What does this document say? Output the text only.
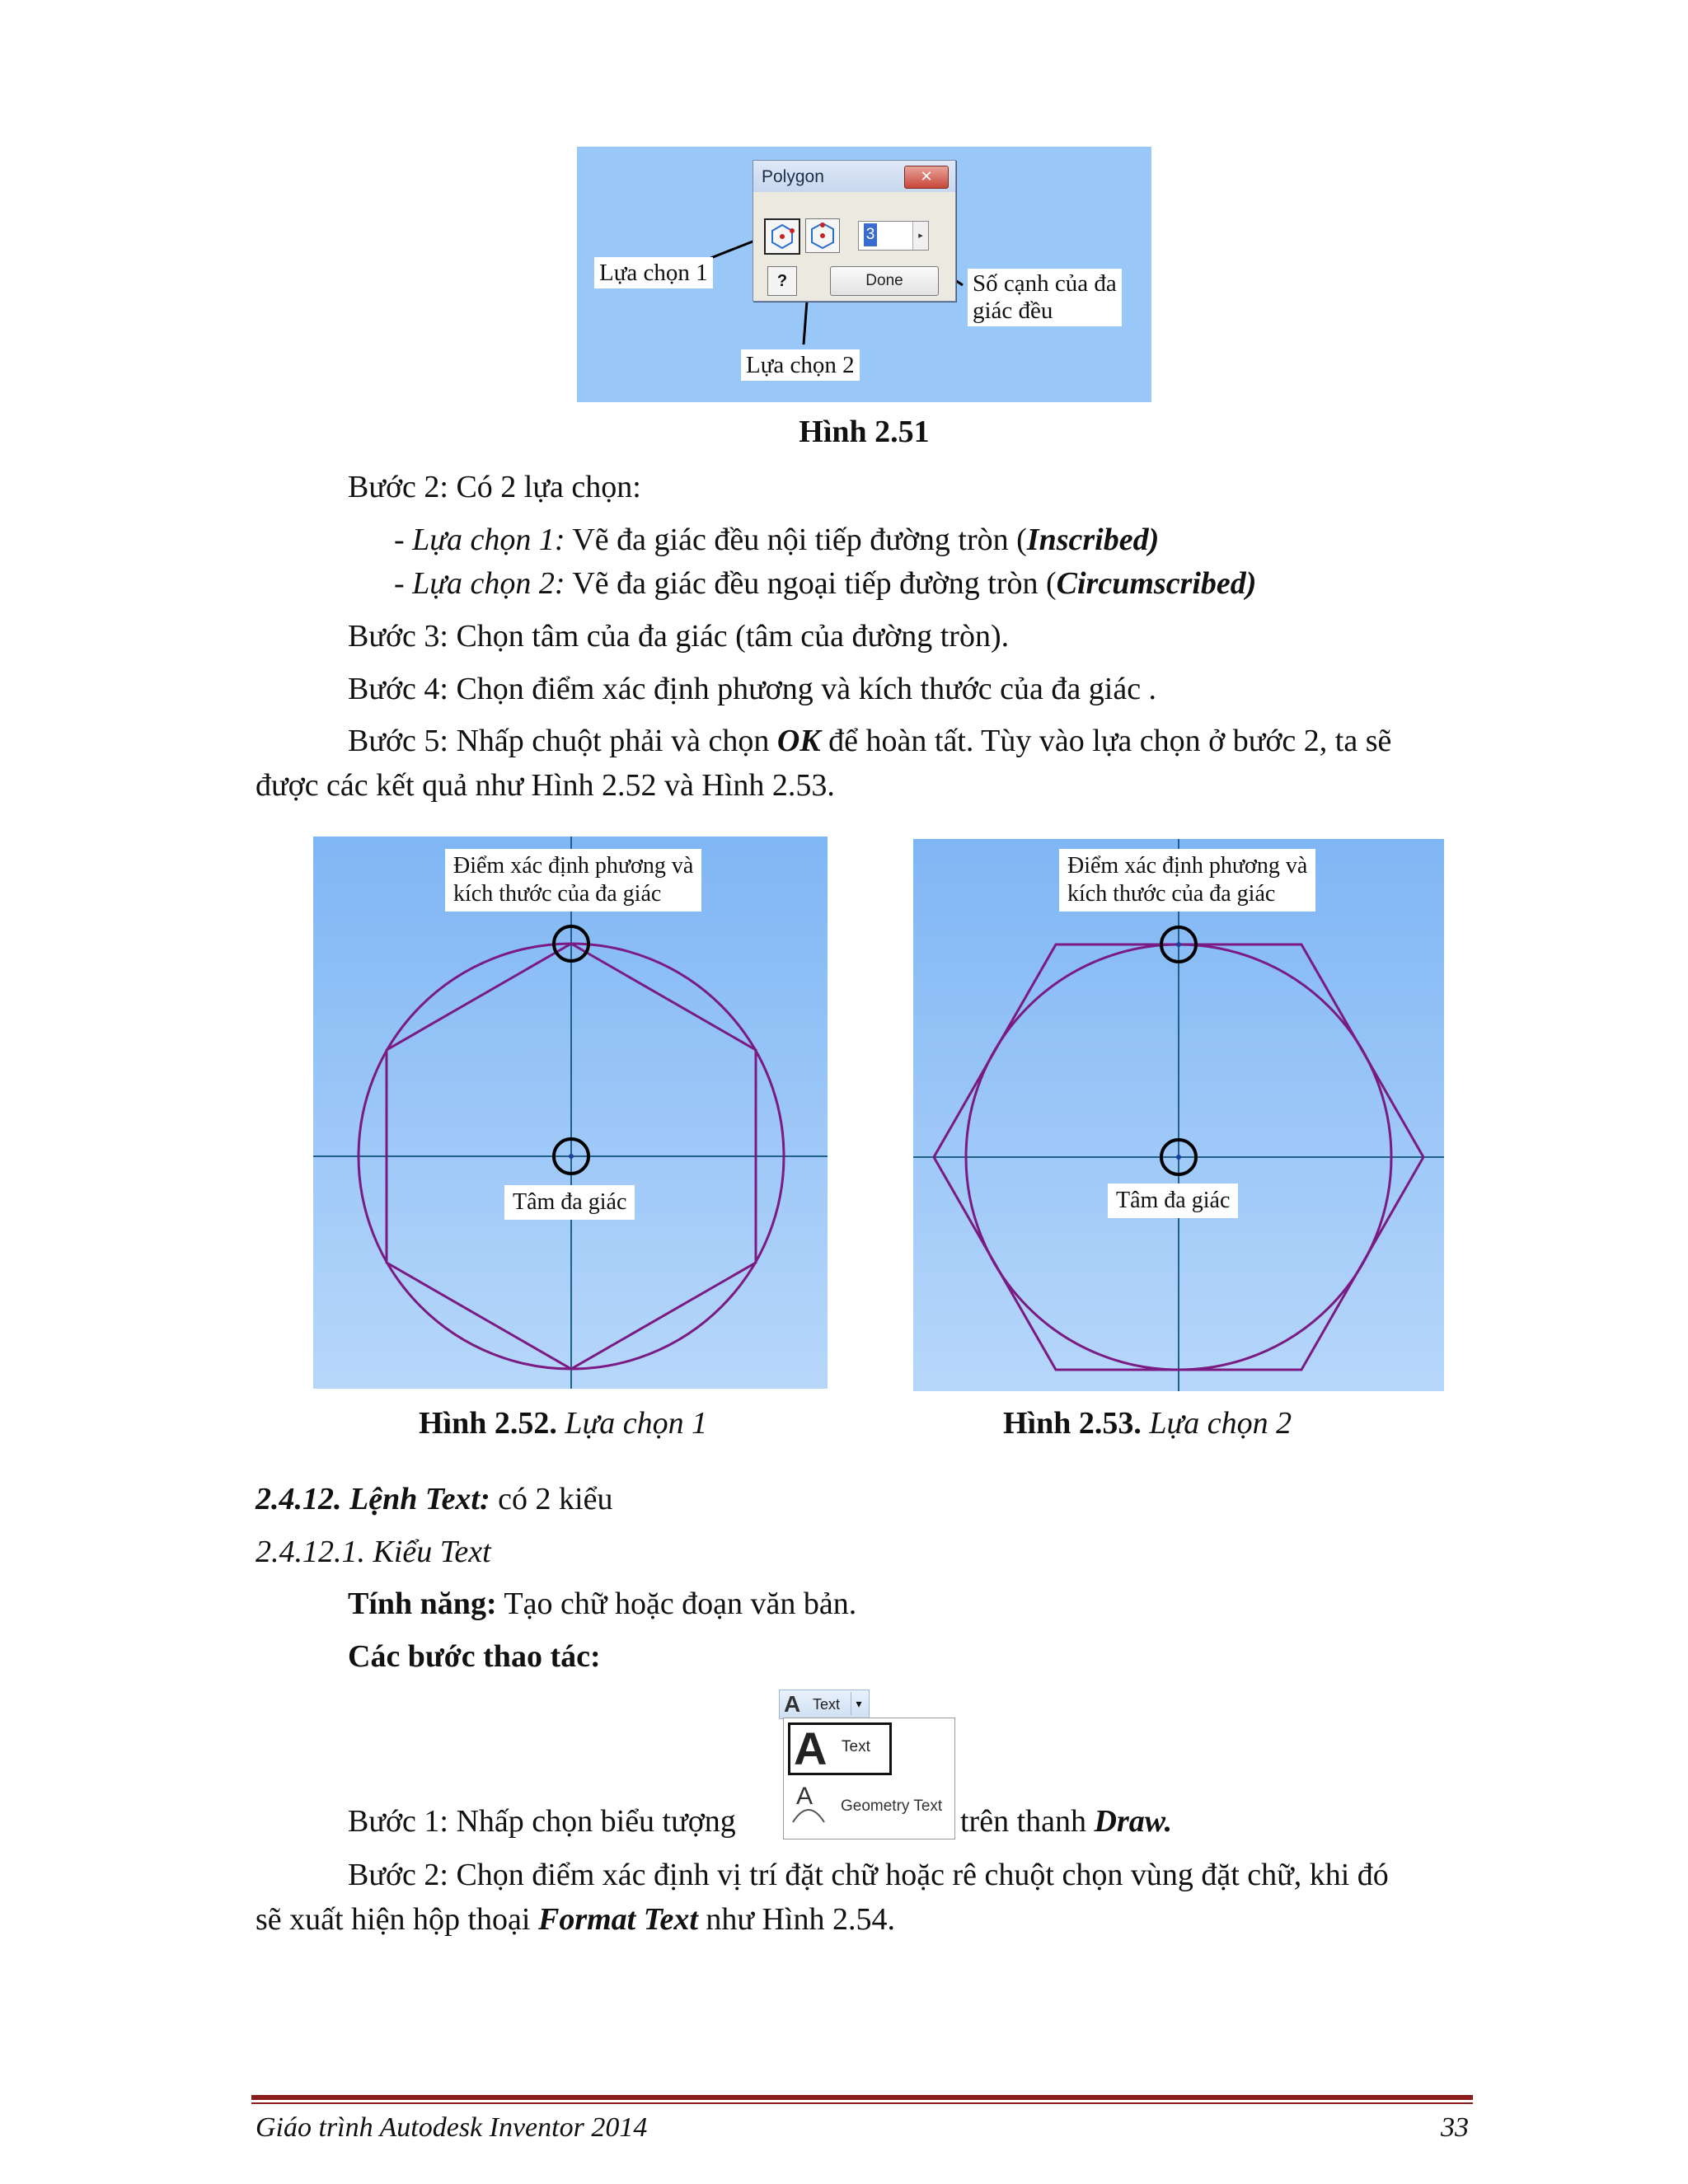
Polygon	✕
3	▸
?	Done
Lựa chọn 1
Lựa chọn 2
Số cạnh của đa
giác đều
Hình 2.51
Bước 2: Có 2 lựa chọn:
- Lựa chọn 1: Vẽ đa giác đều nội tiếp đường tròn (Inscribed)
- Lựa chọn 2: Vẽ đa giác đều ngoại tiếp đường tròn (Circumscribed)
Bước 3: Chọn tâm của đa giác (tâm của đường tròn).
Bước 4: Chọn điểm xác định phương và kích thước của đa giác .
Bước 5: Nhấp chuột phải và chọn OK để hoàn tất. Tùy vào lựa chọn ở bước 2, ta sẽ
được các kết quả như Hình 2.52 và Hình 2.53.
Điểm xác định phương và
kích thước của đa giác
Tâm đa giác
Hình 2.52. Lựa chọn 1
Điểm xác định phương và
kích thước của đa giác
Tâm đa giác
Hình 2.53. Lựa chọn 2
2.4.12. Lệnh Text: có 2 kiểu
2.4.12.1. Kiểu Text
Tính năng: Tạo chữ hoặc đoạn văn bản.
Các bước thao tác:
A Text	▾
A Text
A Geometry Text
Bước 1: Nhấp chọn biểu tượng	trên thanh Draw.
Bước 2: Chọn điểm xác định vị trí đặt chữ hoặc rê chuột chọn vùng đặt chữ, khi đó
sẽ xuất hiện hộp thoại Format Text như Hình 2.54.
Giáo trình Autodesk Inventor 2014	33
